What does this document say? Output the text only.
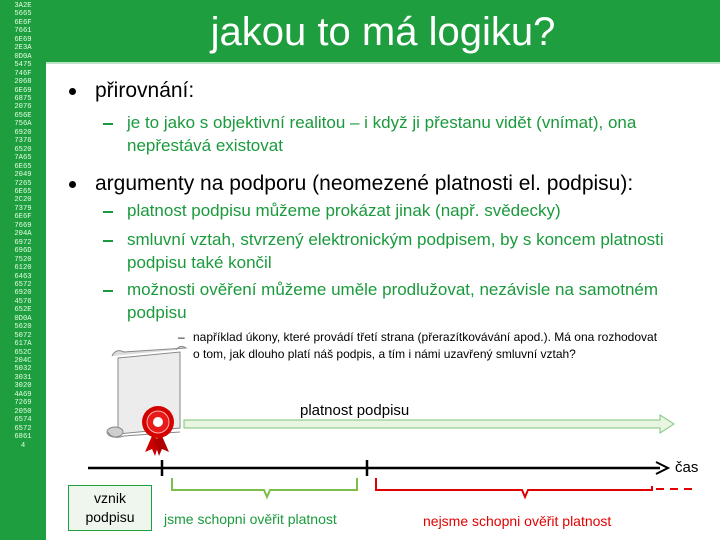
3A2E
5665
6E6F
7661
6E69
2E3A
0D0A
5475
746F
2068
6E69
6875
2076
656E
756A
6920
7376
6520
7A65
6E65
2049
7265
6E65
2C20
7379
6E6F
7669
204A
6972
696D
7520
6120
6463
6572
6920
4576
652E
0D0A
5620
5072
617A
652C
204C
5032
3031
3020
4A69
7269
2050
6574
6572
6861
4
jakou to má logiku?
přirovnání:
je to jako s objektivní realitou – i když ji přestanu vidět (vnímat), ona
nepřestává existovat
argumenty na podporu (neomezené platnosti el. podpisu):
platnost podpisu můžeme prokázat jinak (např. svědecky)
smluvní vztah, stvrzený elektronickým podpisem, by s koncem platnosti
podpisu také končil
možnosti ověření můžeme uměle prodlužovat, nezávisle na samotném
podpisu
– například úkony, které provádí třetí strana (přerazítkovávání apod.). Má ona rozhodovat
o tom, jak dlouho platí náš podpis, a tím i námi uzavřený smluvní vztah?
platnost podpisu
čas
vznik
podpisu	jsme schopni ověřit platnost	nejsme schopni ověřit platnost
